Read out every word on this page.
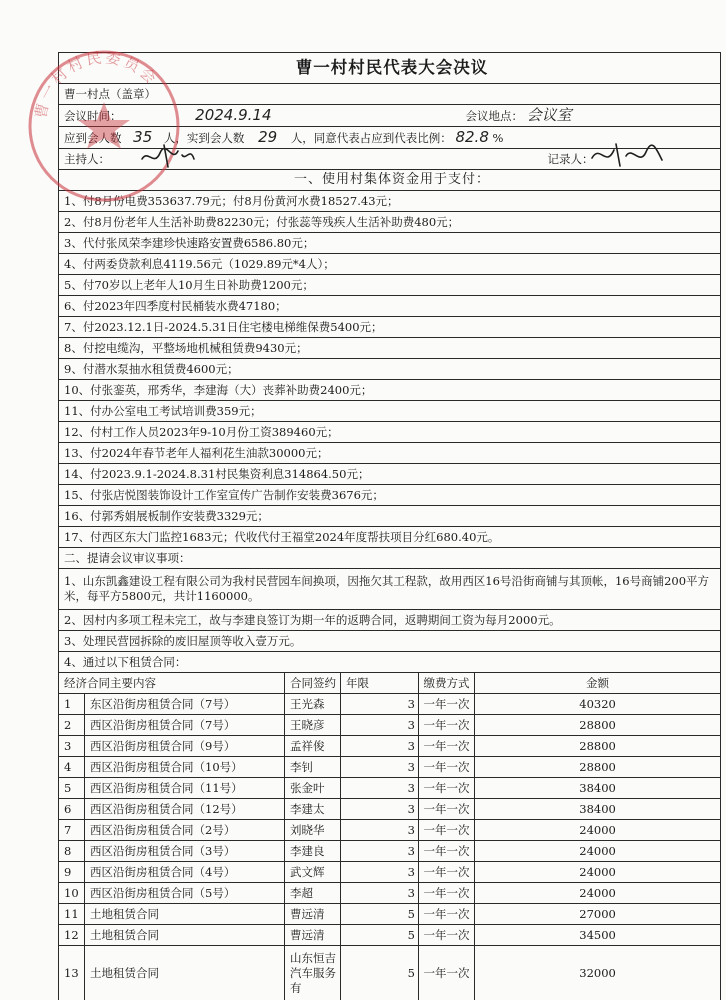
曹一村村民代表大会决议						
曹一村点（盖章）						
会议时间： 2024.9.14				会议地点： 会议室		
应到会人数 35 人，实到会人数 29 人，同意代表占应到代表比例： 82.8 %						
主持人：				记录人：		
一、使用村集体资金用于支付：						
1、付8月份电费353637.79元；付8月份黄河水费18527.43元；						
2、付8月份老年人生活补助费82230元；付张蕊等残疾人生活补助费480元；						
3、代付张凤荣李建珍快速路安置费6586.80元；						
4、付两委贷款利息4119.56元（1029.89元*4人）；						
5、付70岁以上老年人10月生日补助费1200元；						
6、付2023年四季度村民桶装水费47180；						
7、付2023.12.1日-2024.5.31日住宅楼电梯维保费5400元；						
8、付挖电缆沟，平整场地机械租赁费9430元；						
9、付潜水泵抽水租赁费4600元；						
10、付张銮英，邢秀华，李建海（大）丧葬补助费2400元；						
11、付办公室电工考试培训费359元；						
12、付村工作人员2023年9-10月份工资389460元；						
13、付2024年春节老年人福利花生油款30000元；						
14、付2023.9.1-2024.8.31村民集资利息314864.50元；						
15、付张店悦图装饰设计工作室宣传广告制作安装费3676元；						
16、付郭秀娟展板制作安装费3329元；						
17、付西区东大门监控1683元；代收代付王福堂2024年度帮扶项目分红680.40元。						
二、提请会议审议事项：						
1、山东凯鑫建设工程有限公司为我村民营园车间换项，因拖欠其工程款，故用西区16号沿街商铺与其顶帐，16号商铺200平方米，每平方5800元，共计1160000。						
2、因村内多项工程未完工，故与李建良签订为期一年的返聘合同，返聘期间工资为每月2000元。						
3、处理民营园拆除的废旧屋顶等收入壹万元。						
4、通过以下租赁合同：						
经济合同主要内容		合同签约	年限		缴费方式	金额
1	东区沿街房租赁合同（7号）	王光森	3		一年一次	40320
2	西区沿街房租赁合同（7号）	王晓彦	3		一年一次	28800
3	西区沿街房租赁合同（9号）	孟祥俊	3		一年一次	28800
4	西区沿街房租赁合同（10号）	李钊	3		一年一次	28800
5	西区沿街房租赁合同（11号）	张金叶	3		一年一次	38400
6	西区沿街房租赁合同（12号）	李建太	3		一年一次	38400
7	西区沿街房租赁合同（2号）	刘晓华	3		一年一次	24000
8	西区沿街房租赁合同（3号）	李建良	3		一年一次	24000
9	西区沿街房租赁合同（4号）	武文辉	3		一年一次	24000
10	西区沿街房租赁合同（5号）	李超	3		一年一次	24000
11	土地租赁合同	曹远清	5		一年一次	27000
12	土地租赁合同	曹远清	5		一年一次	34500
13	土地租赁合同	山东恒吉汽车服务有	5		一年一次	32000
曹一村村民委员会
